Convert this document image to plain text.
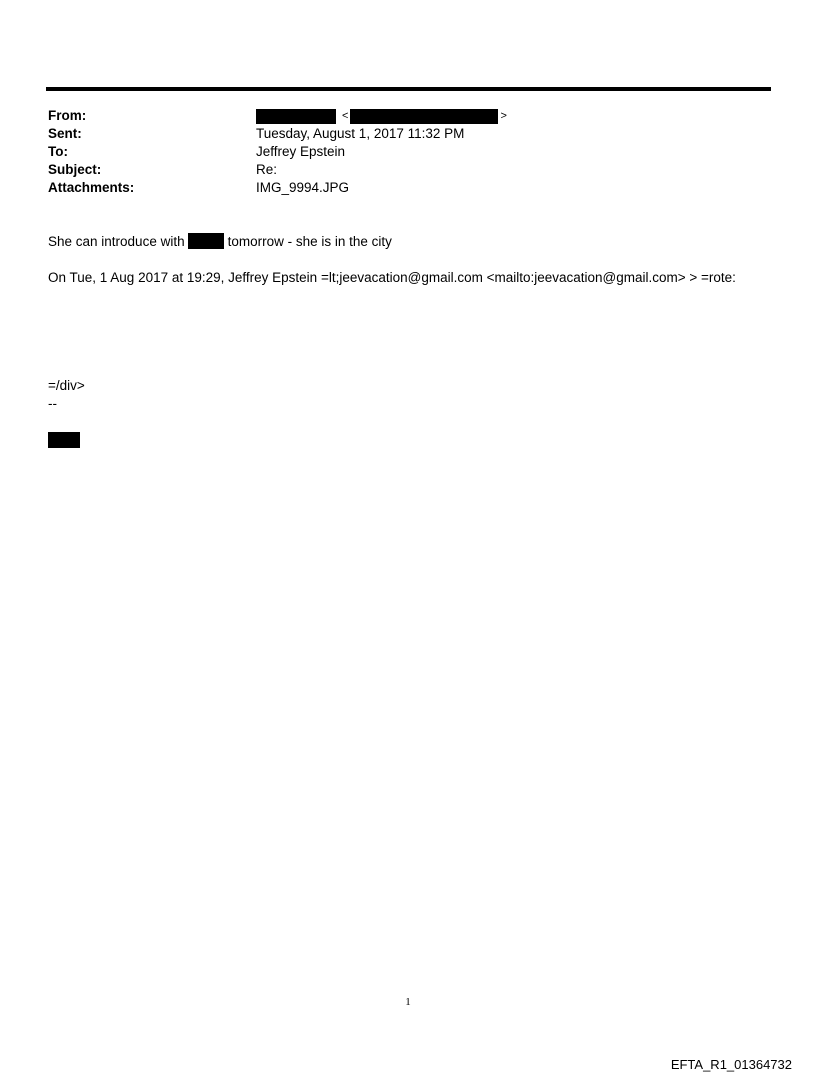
From:	<	>
Sent:	Tuesday, August 1, 2017 11:32 PM
To:	Jeffrey Epstein
Subject:	Re:
Attachments:	IMG_9994.JPG
She can introduce with	tomorrow - she is in the city
On Tue, 1 Aug 2017 at 19:29, Jeffrey Epstein =lt;jeevacation@gmail.com <mailto:jeevacation@gmail.com> > =rote:
=/div>
--
1
EFTA_R1_01364732
